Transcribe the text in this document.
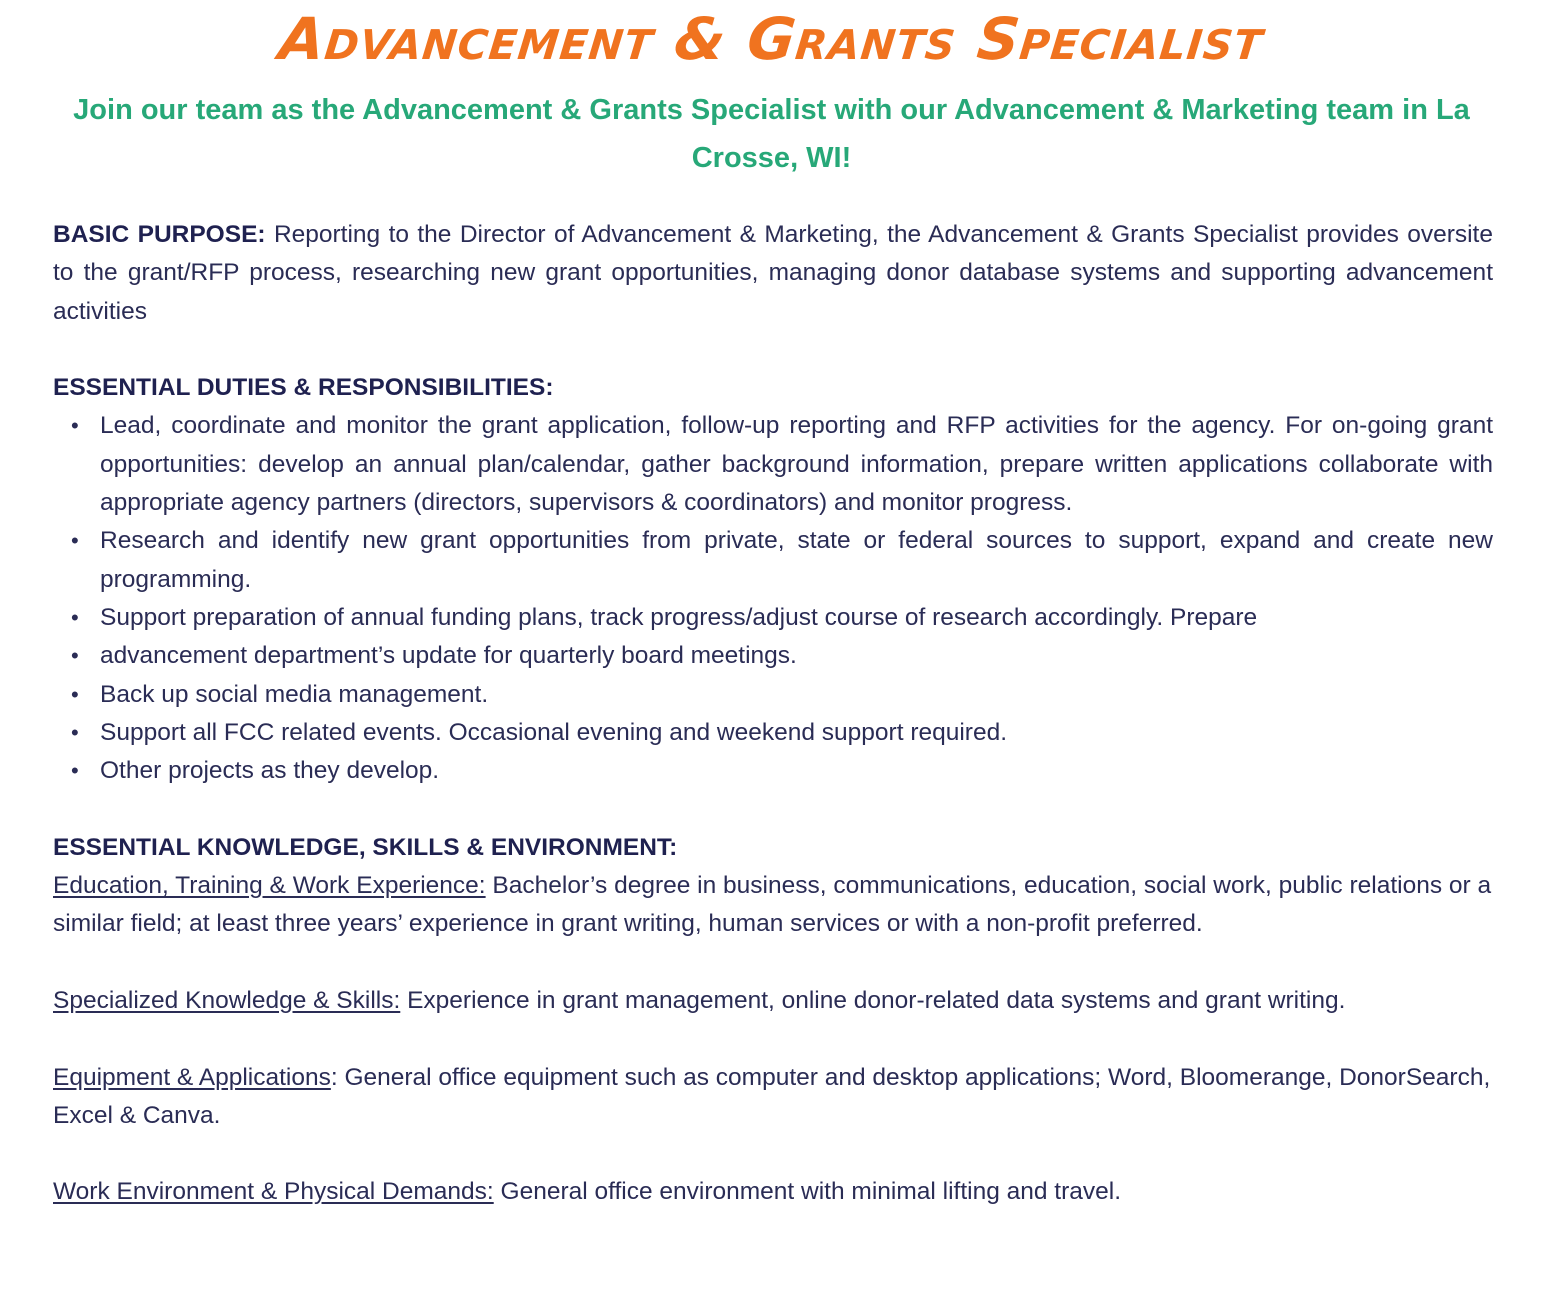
Advancement & Grants Specialist
Join our team as the Advancement & Grants Specialist with our Advancement & Marketing team in La Crosse, WI!

BASIC PURPOSE: Reporting to the Director of Advancement & Marketing, the Advancement & Grants Specialist provides oversite to the grant/RFP process, researching new grant opportunities, managing donor database systems and supporting advancement activities

ESSENTIAL DUTIES & RESPONSIBILITIES:

• Lead, coordinate and monitor the grant application, follow-up reporting and RFP activities for the agency. For on-going grant opportunities: develop an annual plan/calendar, gather background information, prepare written applications collaborate with appropriate agency partners (directors, supervisors & coordinators) and monitor progress.
• Research and identify new grant opportunities from private, state or federal sources to support, expand and create new programming.
• Support preparation of annual funding plans, track progress/adjust course of research accordingly. Prepare
• advancement department’s update for quarterly board meetings.
• Back up social media management.
• Support all FCC related events. Occasional evening and weekend support required.
• Other projects as they develop.

ESSENTIAL KNOWLEDGE, SKILLS & ENVIRONMENT:

Education, Training & Work Experience: Bachelor’s degree in business, communications, education, social work, public relations or a similar field; at least three years’ experience in grant writing, human services or with a non-profit preferred.

Specialized Knowledge & Skills: Experience in grant management, online donor-related data systems and grant writing.

Equipment & Applications: General office equipment such as computer and desktop applications; Word, Bloomerange, DonorSearch, Excel & Canva.

Work Environment & Physical Demands: General office environment with minimal lifting and travel.
